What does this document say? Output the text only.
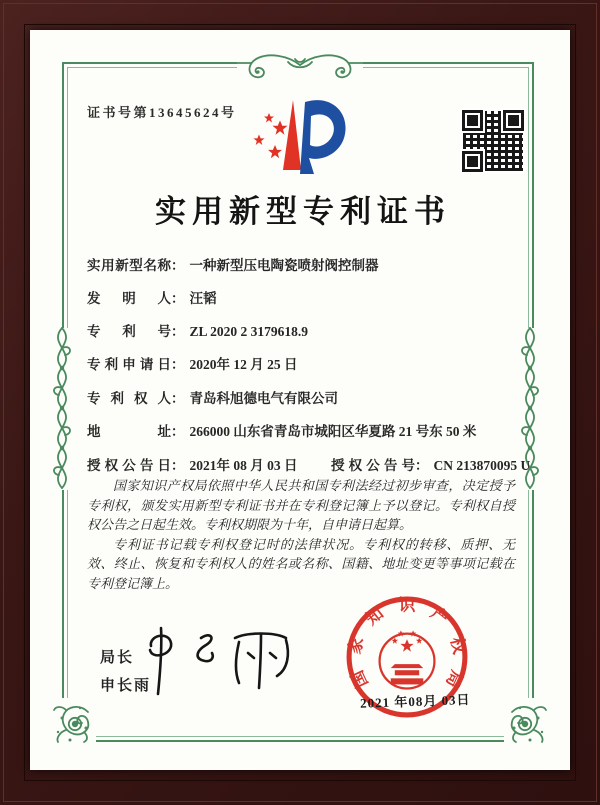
证书号第13645624号
实用新型专利证书
实用新型名称： 一种新型压电陶瓷喷射阀控制器
发明人： 汪韬
专利号： ZL 2020 2 3179618.9
专利申请日： 2020年 12 月 25 日
专利权人： 青岛科旭德电气有限公司
地址： 266000 山东省青岛市城阳区华夏路 21 号东 50 米
授权公告日： 2021年 08 月 03 日 授权公告号： CN 213870095 U

国家知识产权局依照中华人民共和国专利法经过初步审查，决定授予专利权，颁发实用新型专利证书并在专利登记簿上予以登记。专利权自授权公告之日起生效。专利权期限为十年，自申请日起算。

专利证书记载专利权登记时的法律状况。专利权的转移、质押、无效、终止、恢复和专利权人的姓名或名称、国籍、地址变更等事项记载在专利登记簿上。

局长
申长雨	国
家
知 识 产
权
局
2021 年08月 03日
